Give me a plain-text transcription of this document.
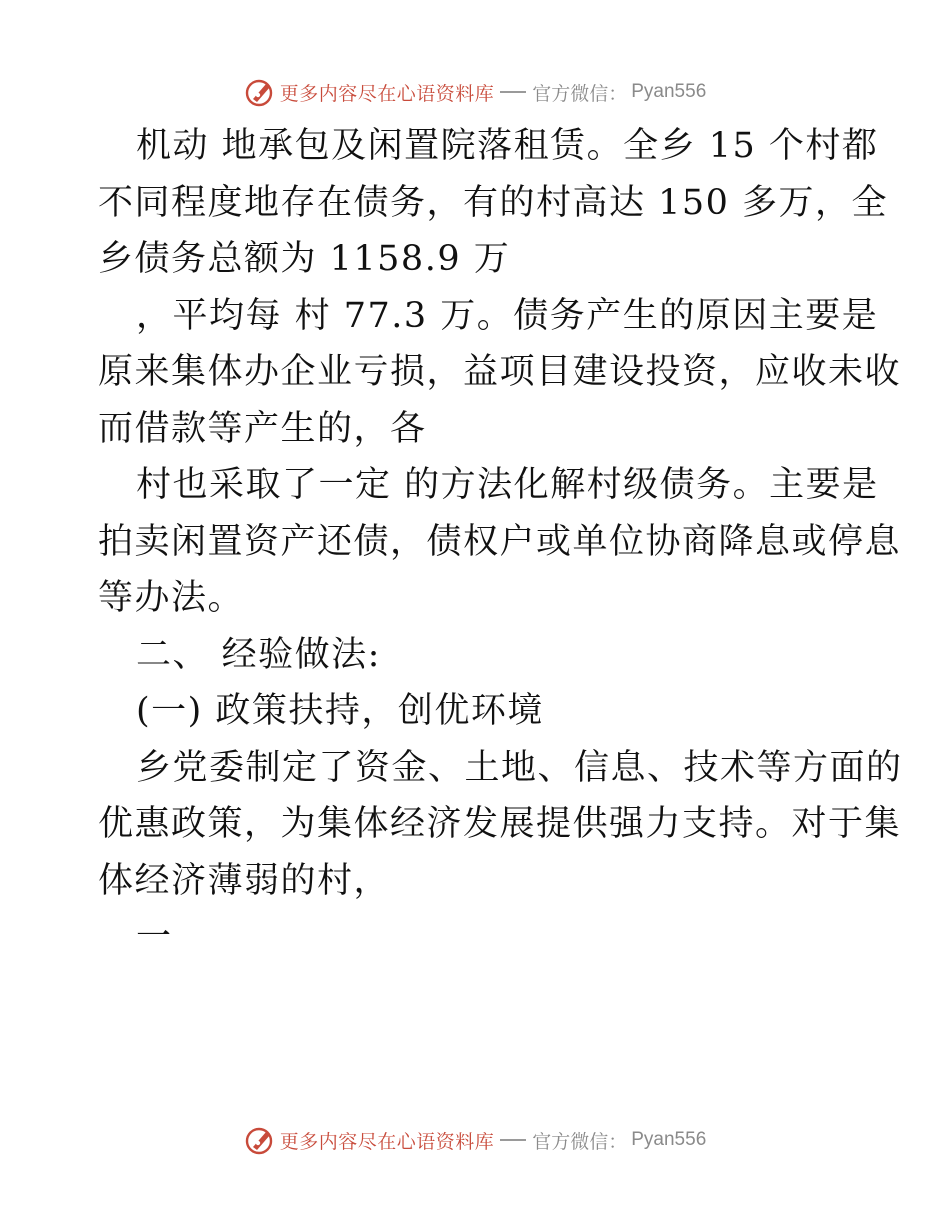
更多内容尽在心语资料库 官方微信： Pyan556

机动 地承包及闲置院落租赁。全乡 15 个村都

不同程度地存在债务，有的村高达 150 多万，全

乡债务总额为 1158.9 万

，平均每 村 77.3 万。债务产生的原因主要是

原来集体办企业亏损，益项目建设投资，应收未收

而借款等产生的，各

村也采取了一定 的方法化解村级债务。主要是

拍卖闲置资产还债，债权户或单位协商降息或停息

等办法。

二、 经验做法:

(一) 政策扶持，创优环境

乡党委制定了资金、土地、信息、技术等方面的

优惠政策，为集体经济发展提供强力支持。对于集

体经济薄弱的村，

一

更多内容尽在心语资料库 官方微信： Pyan556
